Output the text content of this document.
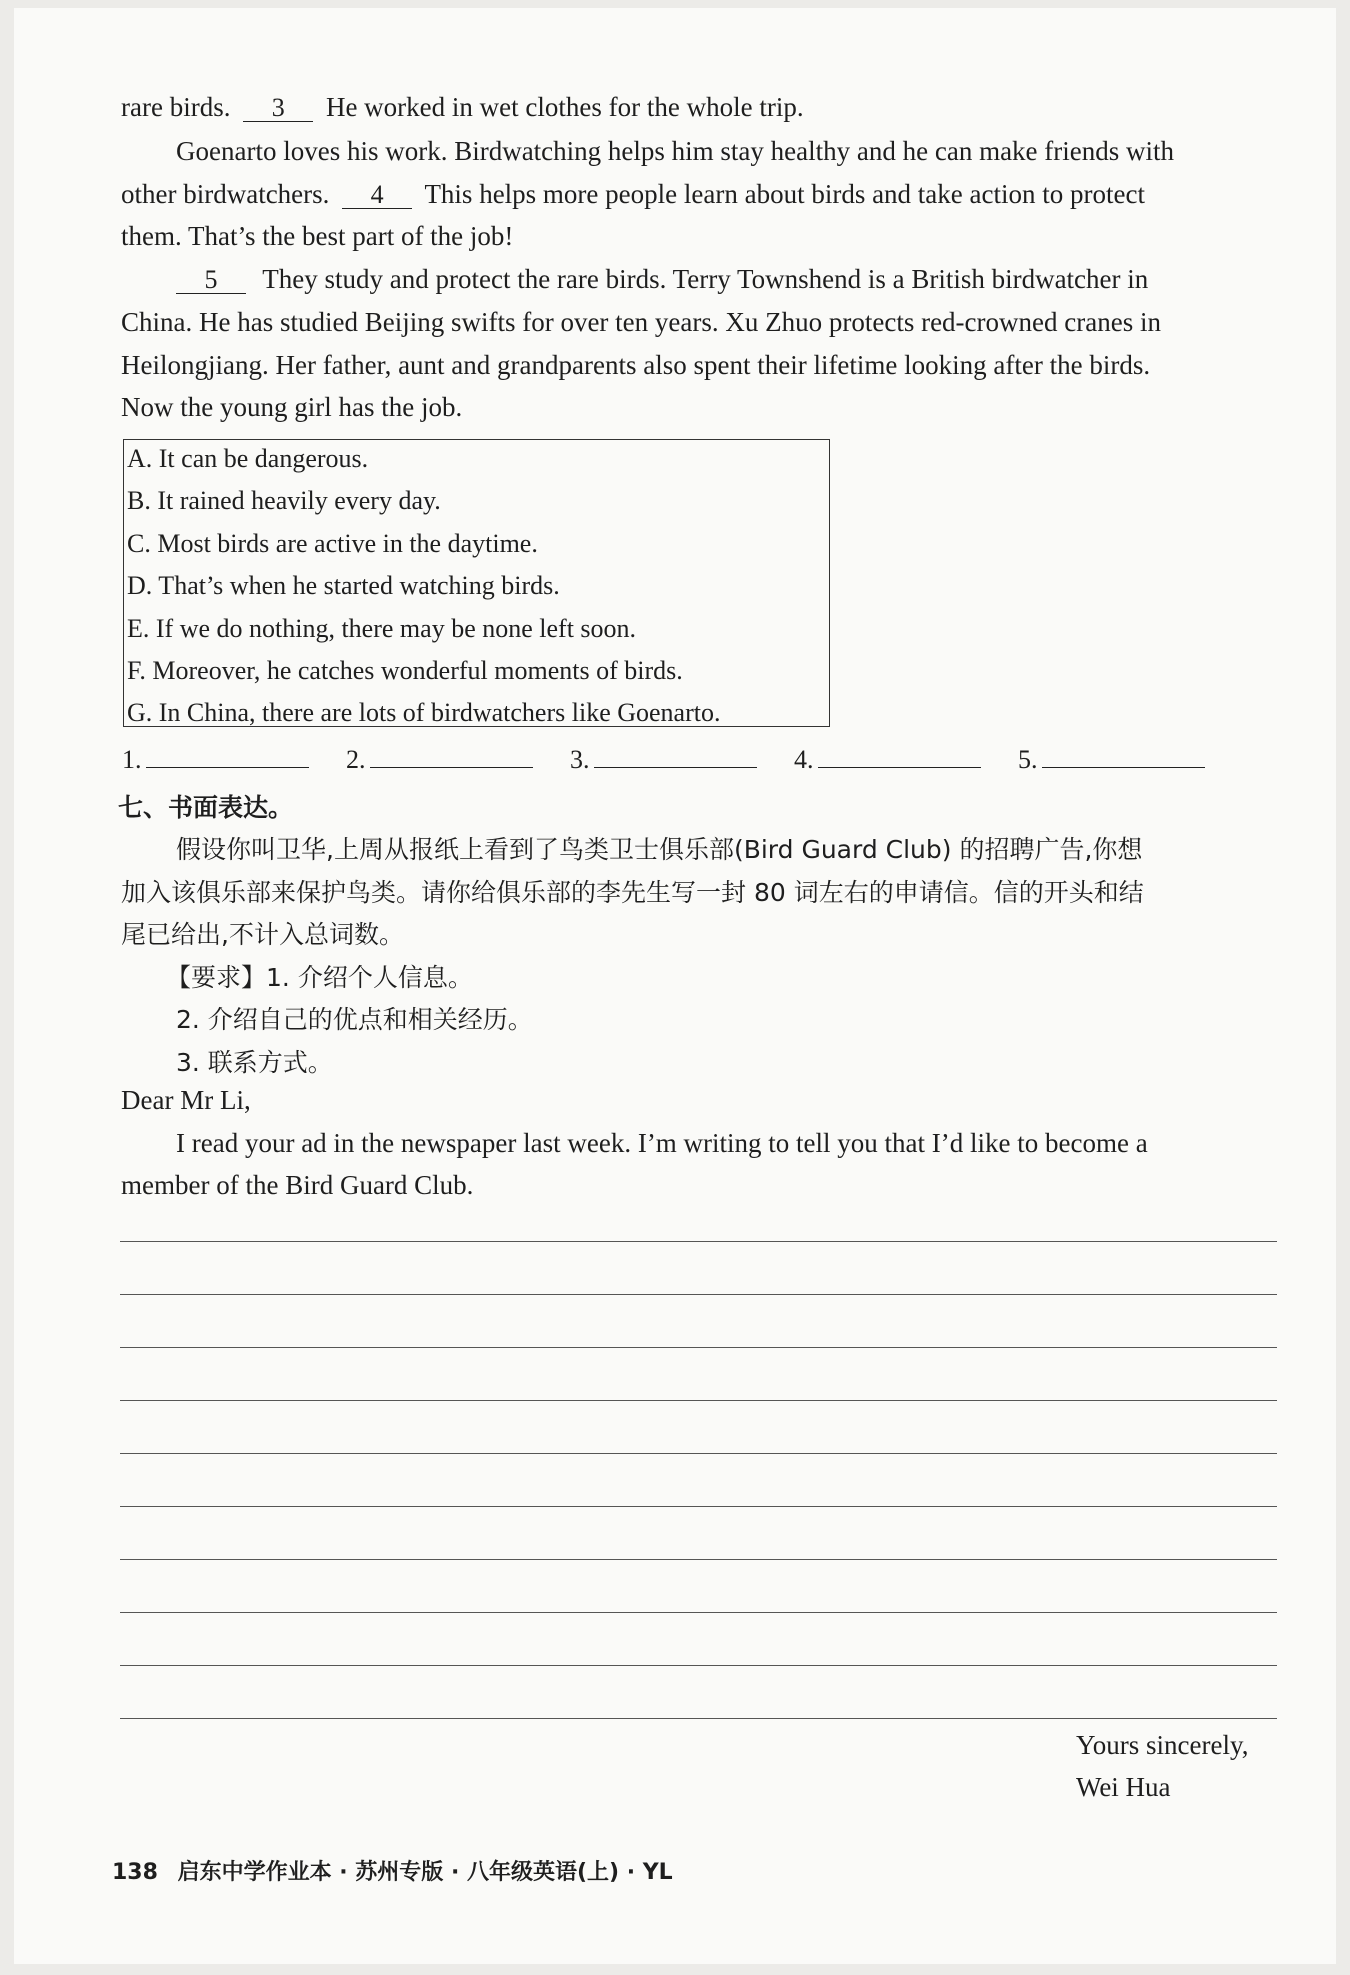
rare birds. 3 He worked in wet clothes for the whole trip.
Goenarto loves his work. Birdwatching helps him stay healthy and he can make friends with
other birdwatchers. 4 This helps more people learn about birds and take action to protect
them. That’s the best part of the job!
5 They study and protect the rare birds. Terry Townshend is a British birdwatcher in
China. He has studied Beijing swifts for over ten years. Xu Zhuo protects red-crowned cranes in
Heilongjiang. Her father, aunt and grandparents also spent their lifetime looking after the birds.
Now the young girl has the job.
A. It can be dangerous.
B. It rained heavily every day.
C. Most birds are active in the daytime.
D. That’s when he started watching birds.
E. If we do nothing, there may be none left soon.
F. Moreover, he catches wonderful moments of birds.
G. In China, there are lots of birdwatchers like Goenarto.
1.	2.	3.	4.	5.
七、书面表达。
假设你叫卫华,上周从报纸上看到了鸟类卫士俱乐部(Bird Guard Club) 的招聘广告,你想
加入该俱乐部来保护鸟类。请你给俱乐部的李先生写一封 80 词左右的申请信。信的开头和结
尾已给出,不计入总词数。
【要求】1. 介绍个人信息。
2. 介绍自己的优点和相关经历。
3. 联系方式。
Dear Mr Li,
I read your ad in the newspaper last week. I’m writing to tell you that I’d like to become a
member of the Bird Guard Club.
Yours sincerely,
Wei Hua
138 启东中学作业本 · 苏州专版 · 八年级英语(上) · YL
